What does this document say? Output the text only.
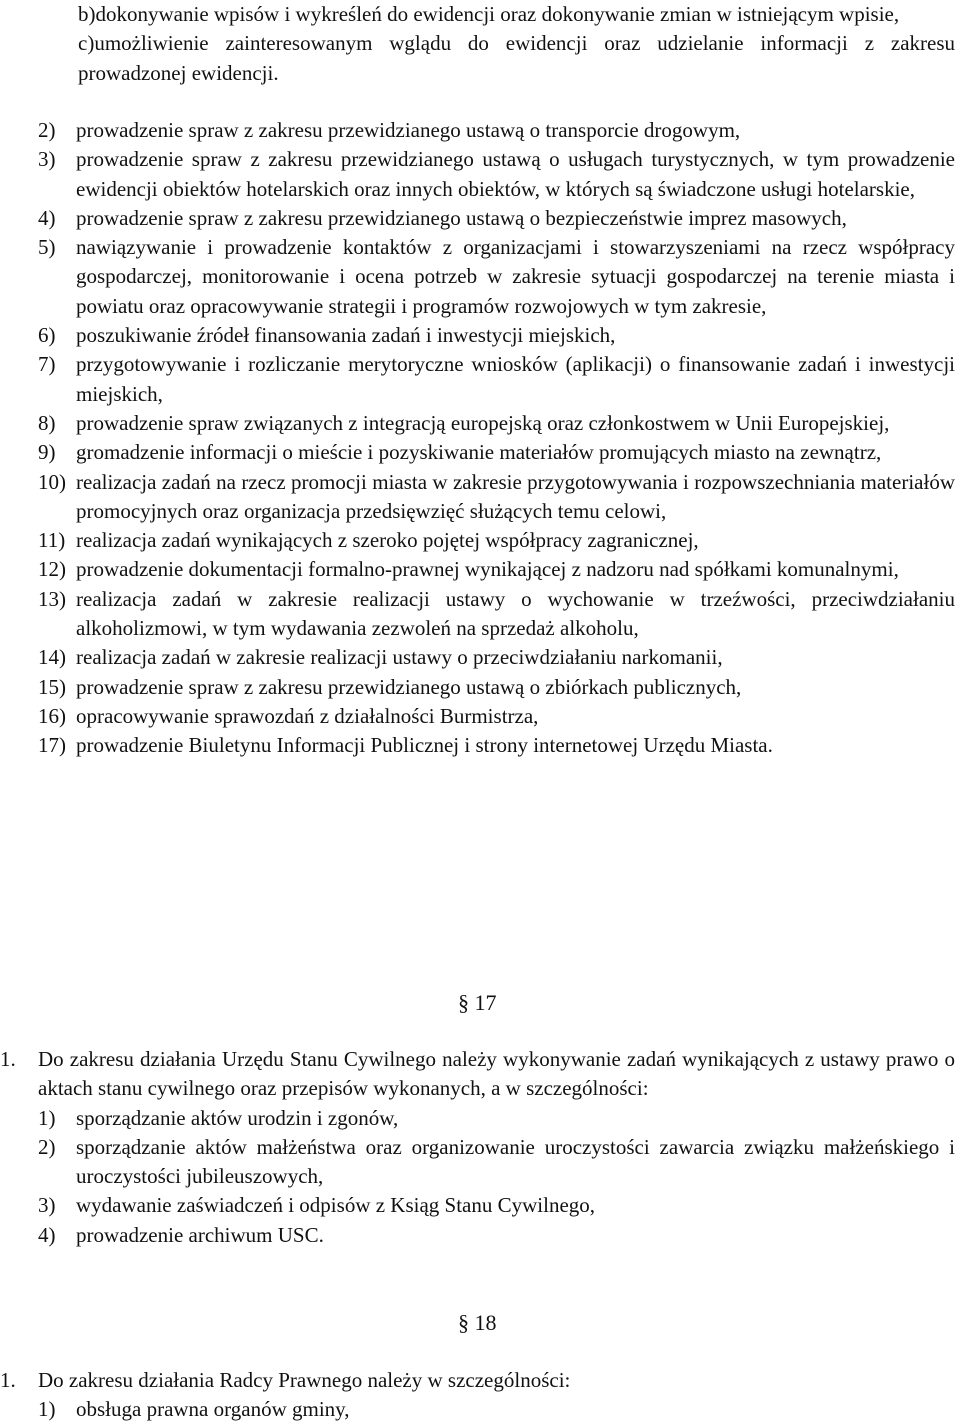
b)dokonywanie wpisów i wykreśleń do ewidencji oraz dokonywanie zmian w istniejącym wpisie,
c)umożliwienie zainteresowanym wglądu do ewidencji oraz udzielanie informacji z zakresu prowadzonej ewidencji.
2) prowadzenie spraw z zakresu przewidzianego ustawą o transporcie drogowym,
3) prowadzenie spraw z zakresu przewidzianego ustawą o usługach turystycznych, w tym prowadzenie ewidencji obiektów hotelarskich oraz innych obiektów, w których są świadczone usługi hotelarskie,
4) prowadzenie spraw z zakresu przewidzianego ustawą o bezpieczeństwie imprez masowych,
5) nawiązywanie i prowadzenie kontaktów z organizacjami i stowarzyszeniami na rzecz współpracy gospodarczej, monitorowanie i ocena potrzeb w zakresie sytuacji gospodarczej na terenie miasta i powiatu oraz opracowywanie strategii i programów rozwojowych w tym zakresie,
6) poszukiwanie źródeł finansowania zadań i inwestycji miejskich,
7) przygotowywanie i rozliczanie merytoryczne wniosków (aplikacji) o finansowanie zadań i inwestycji miejskich,
8) prowadzenie spraw związanych z integracją europejską oraz członkostwem w Unii Europejskiej,
9) gromadzenie informacji o mieście i pozyskiwanie materiałów promujących miasto na zewnątrz,
10) realizacja zadań na rzecz promocji miasta w zakresie przygotowywania i rozpowszechniania materiałów promocyjnych oraz organizacja przedsięwzięć służących temu celowi,
11) realizacja zadań wynikających z szeroko pojętej współpracy zagranicznej,
12) prowadzenie dokumentacji formalno-prawnej wynikającej z nadzoru nad spółkami komunalnymi,
13) realizacja zadań w zakresie realizacji ustawy o wychowanie w trzeźwości, przeciwdziałaniu alkoholizmowi, w tym wydawania zezwoleń na sprzedaż alkoholu,
14) realizacja zadań w zakresie realizacji ustawy o przeciwdziałaniu narkomanii,
15) prowadzenie spraw z zakresu przewidzianego ustawą o zbiórkach publicznych,
16) opracowywanie sprawozdań z działalności Burmistrza,
17) prowadzenie Biuletynu Informacji Publicznej i strony internetowej Urzędu Miasta.
§ 17
1.	Do zakresu działania Urzędu Stanu Cywilnego należy wykonywanie zadań wynikających z ustawy prawo o aktach stanu cywilnego oraz przepisów wykonanych, a w szczególności:
1) sporządzanie aktów urodzin i zgonów,
2) sporządzanie aktów małżeństwa oraz organizowanie uroczystości zawarcia związku małżeńskiego i uroczystości jubileuszowych,
3) wydawanie zaświadczeń i odpisów z Ksiąg Stanu Cywilnego,
4) prowadzenie archiwum USC.
§ 18
1.	Do zakresu działania Radcy Prawnego należy w szczególności:
1) obsługa prawna organów gminy,
